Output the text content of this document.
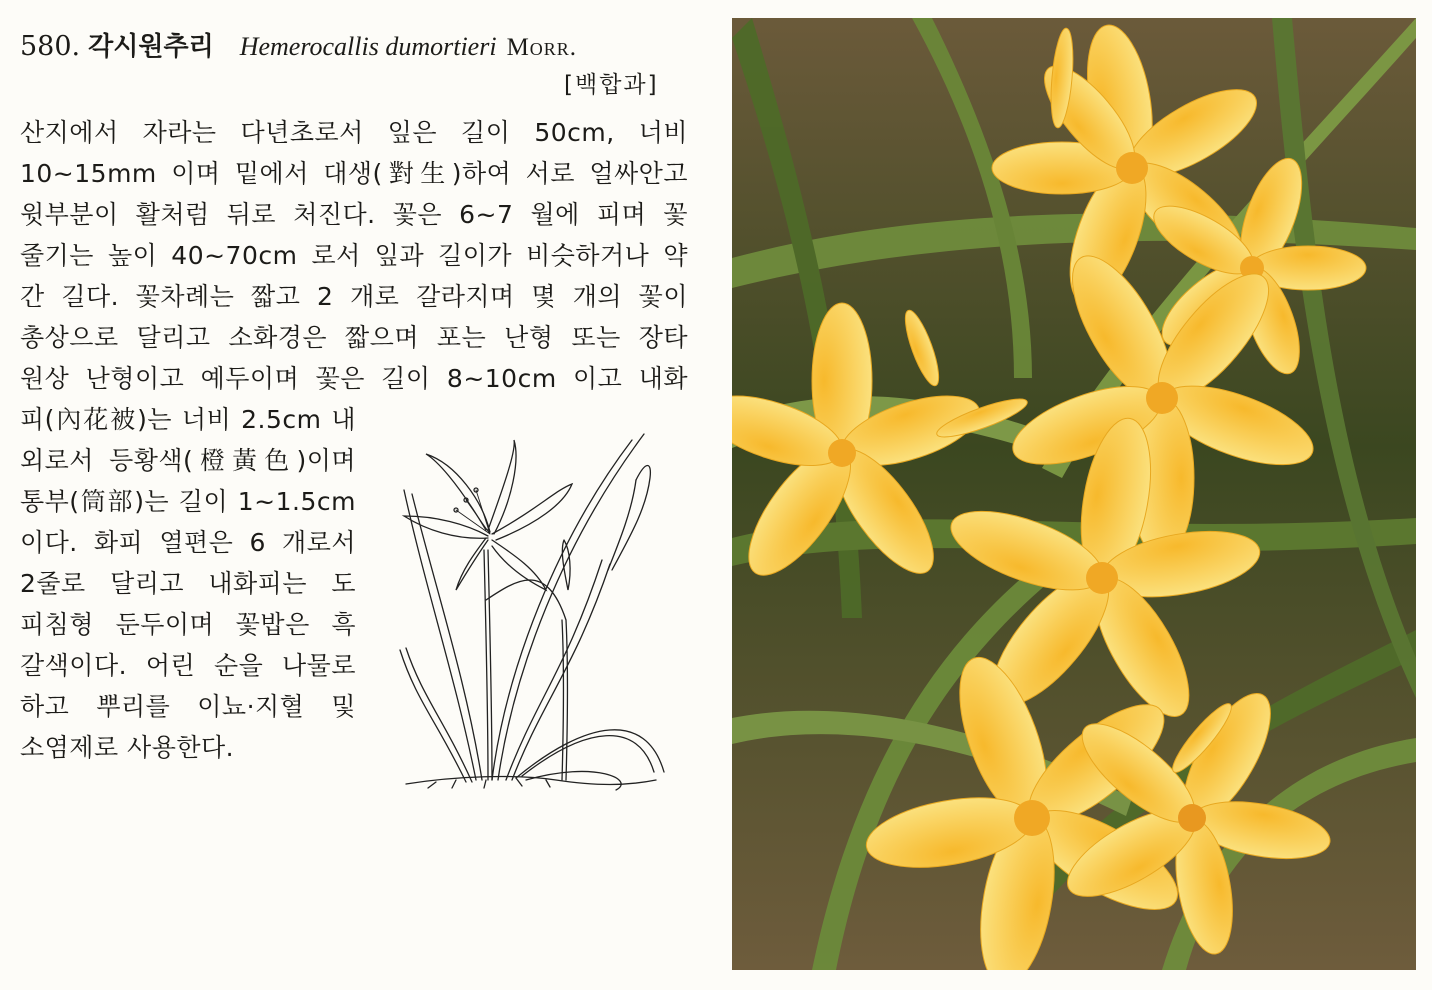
580. 각시원추리 Hemerocallis dumortieri Morr.
[백합과]
산지에서 자라는 다년초로서 잎은 길이 50cm, 너비
10~15mm 이며 밑에서 대생(對生)하여 서로 얼싸안고
윗부분이 활처럼 뒤로 처진다. 꽃은 6~7 월에 피며 꽃
줄기는 높이 40~70cm 로서 잎과 길이가 비슷하거나 약
간 길다. 꽃차례는 짧고 2 개로 갈라지며 몇 개의 꽃이
총상으로 달리고 소화경은 짧으며 포는 난형 또는 장타
원상 난형이고 예두이며 꽃은 길이 8~10cm 이고 내화
피(內花被)는 너비 2.5cm 내
외로서 등황색(橙黃色)이며
통부(筒部)는 길이 1~1.5cm
이다. 화피 열편은 6 개로서
2줄로 달리고 내화피는 도
피침형 둔두이며 꽃밥은 흑
갈색이다. 어린 순을 나물로
하고 뿌리를 이뇨·지혈 및
소염제로 사용한다.
